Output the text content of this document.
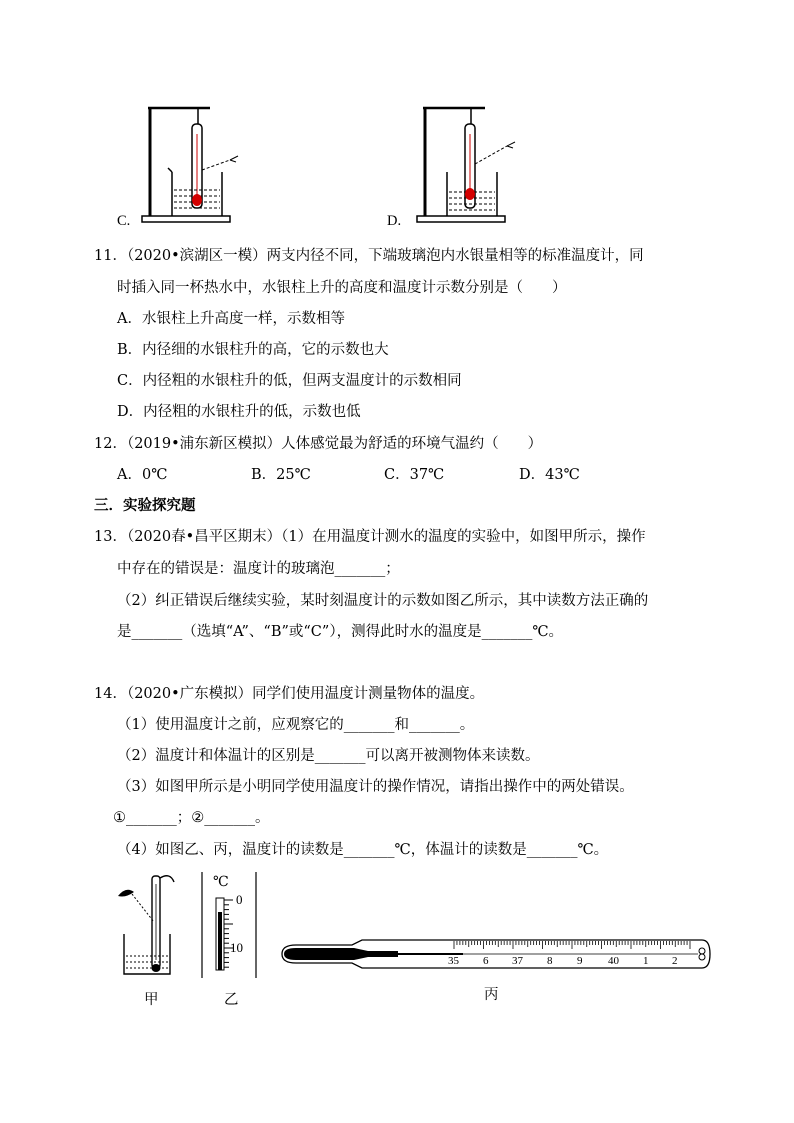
C.	D.
11．（2020•滨湖区一模）两支内径不同，下端玻璃泡内水银量相等的标准温度计，同
时插入同一杯热水中，水银柱上升的高度和温度计示数分别是（　　）
A．水银柱上升高度一样，示数相等
B．内径细的水银柱升的高，它的示数也大
C．内径粗的水银柱升的低，但两支温度计的示数相同
D．内径粗的水银柱升的低，示数也低
12．（2019•浦东新区模拟）人体感觉最为舒适的环境气温约（　　）
A．0℃	B．25℃	C．37℃	D．43℃
三．实验探究题
13．（2020春•昌平区期末）（1）在用温度计测水的温度的实验中，如图甲所示，操作
中存在的错误是：温度计的玻璃泡_______；
（2）纠正错误后继续实验，某时刻温度计的示数如图乙所示，其中读数方法正确的
是_______（选填“A”、“B”或“C”），测得此时水的温度是_______℃。
14．（2020•广东模拟）同学们使用温度计测量物体的温度。
（1）使用温度计之前，应观察它的_______和_______。
（2）温度计和体温计的区别是_______可以离开被测物体来读数。
（3）如图甲所示是小明同学使用温度计的操作情况，请指出操作中的两处错误。
①_______；②_______。
（4）如图乙、丙，温度计的读数是_______℃，体温计的读数是_______℃。
甲
℃
0
10
乙
35 6 37 8 9 40 1 2
丙
